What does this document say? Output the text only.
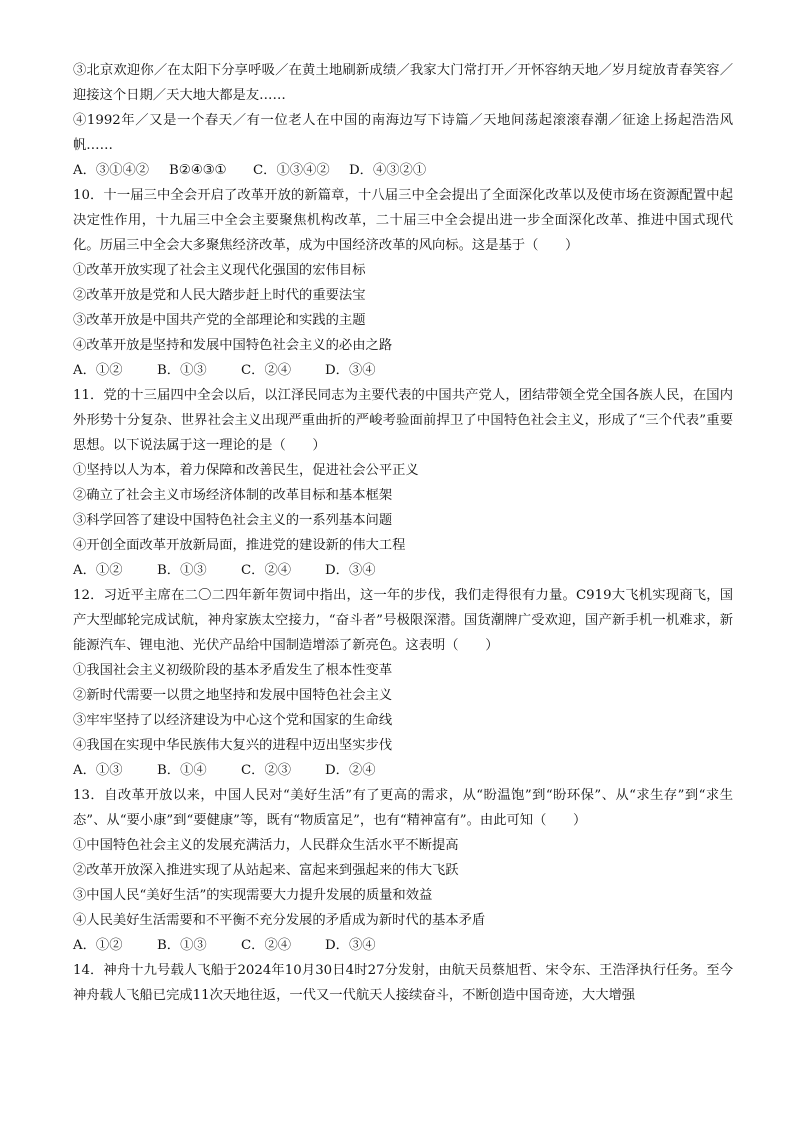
③北京欢迎你／在太阳下分享呼吸／在黄土地刷新成绩／我家大门常打开／开怀容纳天地／岁月绽放青春笑容／迎接这个日期／天大地大都是友……

④1992年／又是一个春天／有一位老人在中国的南海边写下诗篇／天地间荡起滚滚春潮／征途上扬起浩浩风帆……

A．③①④②	B②④③①	C．①③④②	D．④③②①

10．十一届三中全会开启了改革开放的新篇章，十八届三中全会提出了全面深化改革以及使市场在资源配置中起决定性作用，十九届三中全会主要聚焦机构改革，二十届三中全会提出进一步全面深化改革、推进中国式现代化。历届三中全会大多聚焦经济改革，成为中国经济改革的风向标。这是基于（　　）

①改革开放实现了社会主义现代化强国的宏伟目标

②改革开放是党和人民大踏步赶上时代的重要法宝

③改革开放是中国共产党的全部理论和实践的主题

④改革开放是坚持和发展中国特色社会主义的必由之路

A．①②	B．①③	C．②④	D．③④

11．党的十三届四中全会以后，以江泽民同志为主要代表的中国共产党人，团结带领全党全国各族人民，在国内外形势十分复杂、世界社会主义出现严重曲折的严峻考验面前捍卫了中国特色社会主义，形成了“三个代表”重要思想。以下说法属于这一理论的是（　　）

①坚持以人为本，着力保障和改善民生，促进社会公平正义

②确立了社会主义市场经济体制的改革目标和基本框架

③科学回答了建设中国特色社会主义的一系列基本问题

④开创全面改革开放新局面，推进党的建设新的伟大工程

A．①②	B．①③	C．②④	D．③④

12．习近平主席在二〇二四年新年贺词中指出，这一年的步伐，我们走得很有力量。C919大飞机实现商飞，国产大型邮轮完成试航，神舟家族太空接力，“奋斗者”号极限深潜。国货潮牌广受欢迎，国产新手机一机难求，新能源汽车、锂电池、光伏产品给中国制造增添了新亮色。这表明（　　）

①我国社会主义初级阶段的基本矛盾发生了根本性变革

②新时代需要一以贯之地坚持和发展中国特色社会主义

③牢牢坚持了以经济建设为中心这个党和国家的生命线

④我国在实现中华民族伟大复兴的进程中迈出坚实步伐

A．①③	B．①④	C．②③	D．②④

13．自改革开放以来，中国人民对“美好生活”有了更高的需求，从“盼温饱”到“盼环保”、从“求生存”到“求生态”、从“要小康”到“要健康”等，既有“物质富足”，也有“精神富有”。由此可知（　　）

①中国特色社会主义的发展充满活力，人民群众生活水平不断提高

②改革开放深入推进实现了从站起来、富起来到强起来的伟大飞跃

③中国人民“美好生活”的实现需要大力提升发展的质量和效益

④人民美好生活需要和不平衡不充分发展的矛盾成为新时代的基本矛盾

A．①②	B．①③	C．②④	D．③④

14．神舟十九号载人飞船于2024年10月30日4时27分发射，由航天员蔡旭哲、宋令东、王浩泽执行任务。至今神舟载人飞船已完成11次天地往返，一代又一代航天人接续奋斗，不断创造中国奇迹，大大增强
